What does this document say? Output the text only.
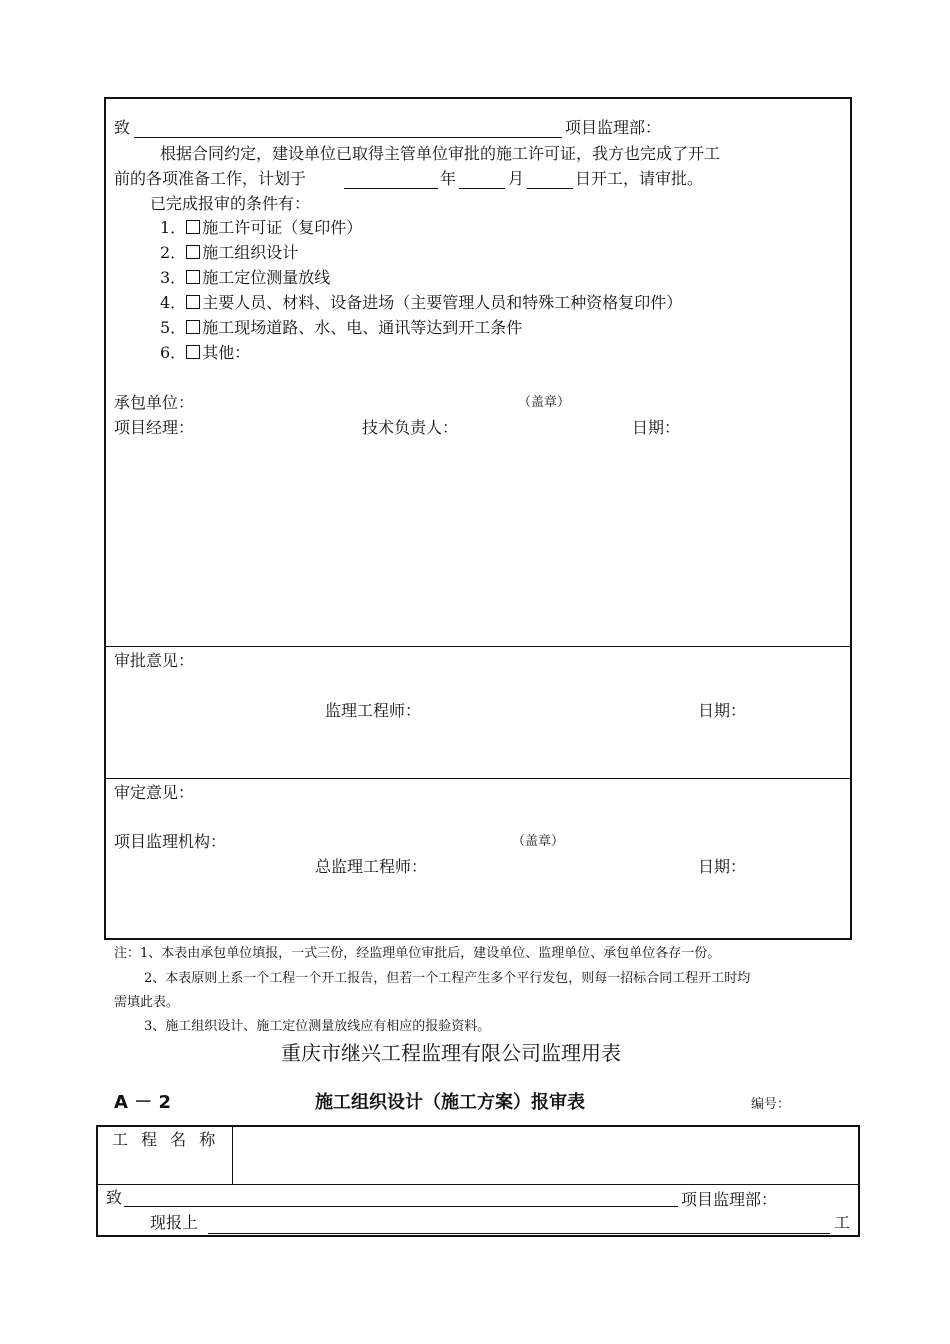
致	项目监理部：
根据合同约定，建设单位已取得主管单位审批的施工许可证，我方也完成了开工
前的各项准备工作，计划于	年	月	日开工，请审批。
已完成报审的条件有：
1． 施工许可证（复印件）
2． 施工组织设计
3． 施工定位测量放线
4． 主要人员、材料、设备进场（主要管理人员和特殊工种资格复印件）
5． 施工现场道路、水、电、通讯等达到开工条件
6． 其他：
承包单位：	（盖章）
项目经理：	技术负责人：	日期：
审批意见：
监理工程师：	日期：
审定意见：
项目监理机构：	（盖章）
总监理工程师：	日期：
注：1、本表由承包单位填报，一式三份，经监理单位审批后，建设单位、监理单位、承包单位各存一份。
2、本表原则上系一个工程一个开工报告，但若一个工程产生多个平行发包，则每一招标合同工程开工时均
需填此表。
3、施工组织设计、施工定位测量放线应有相应的报验资料。
重庆市继兴工程监理有限公司监理用表
A － 2	施工组织设计（施工方案）报审表	编号：
工 程 名 称
致	项目监理部：
现报上	工
